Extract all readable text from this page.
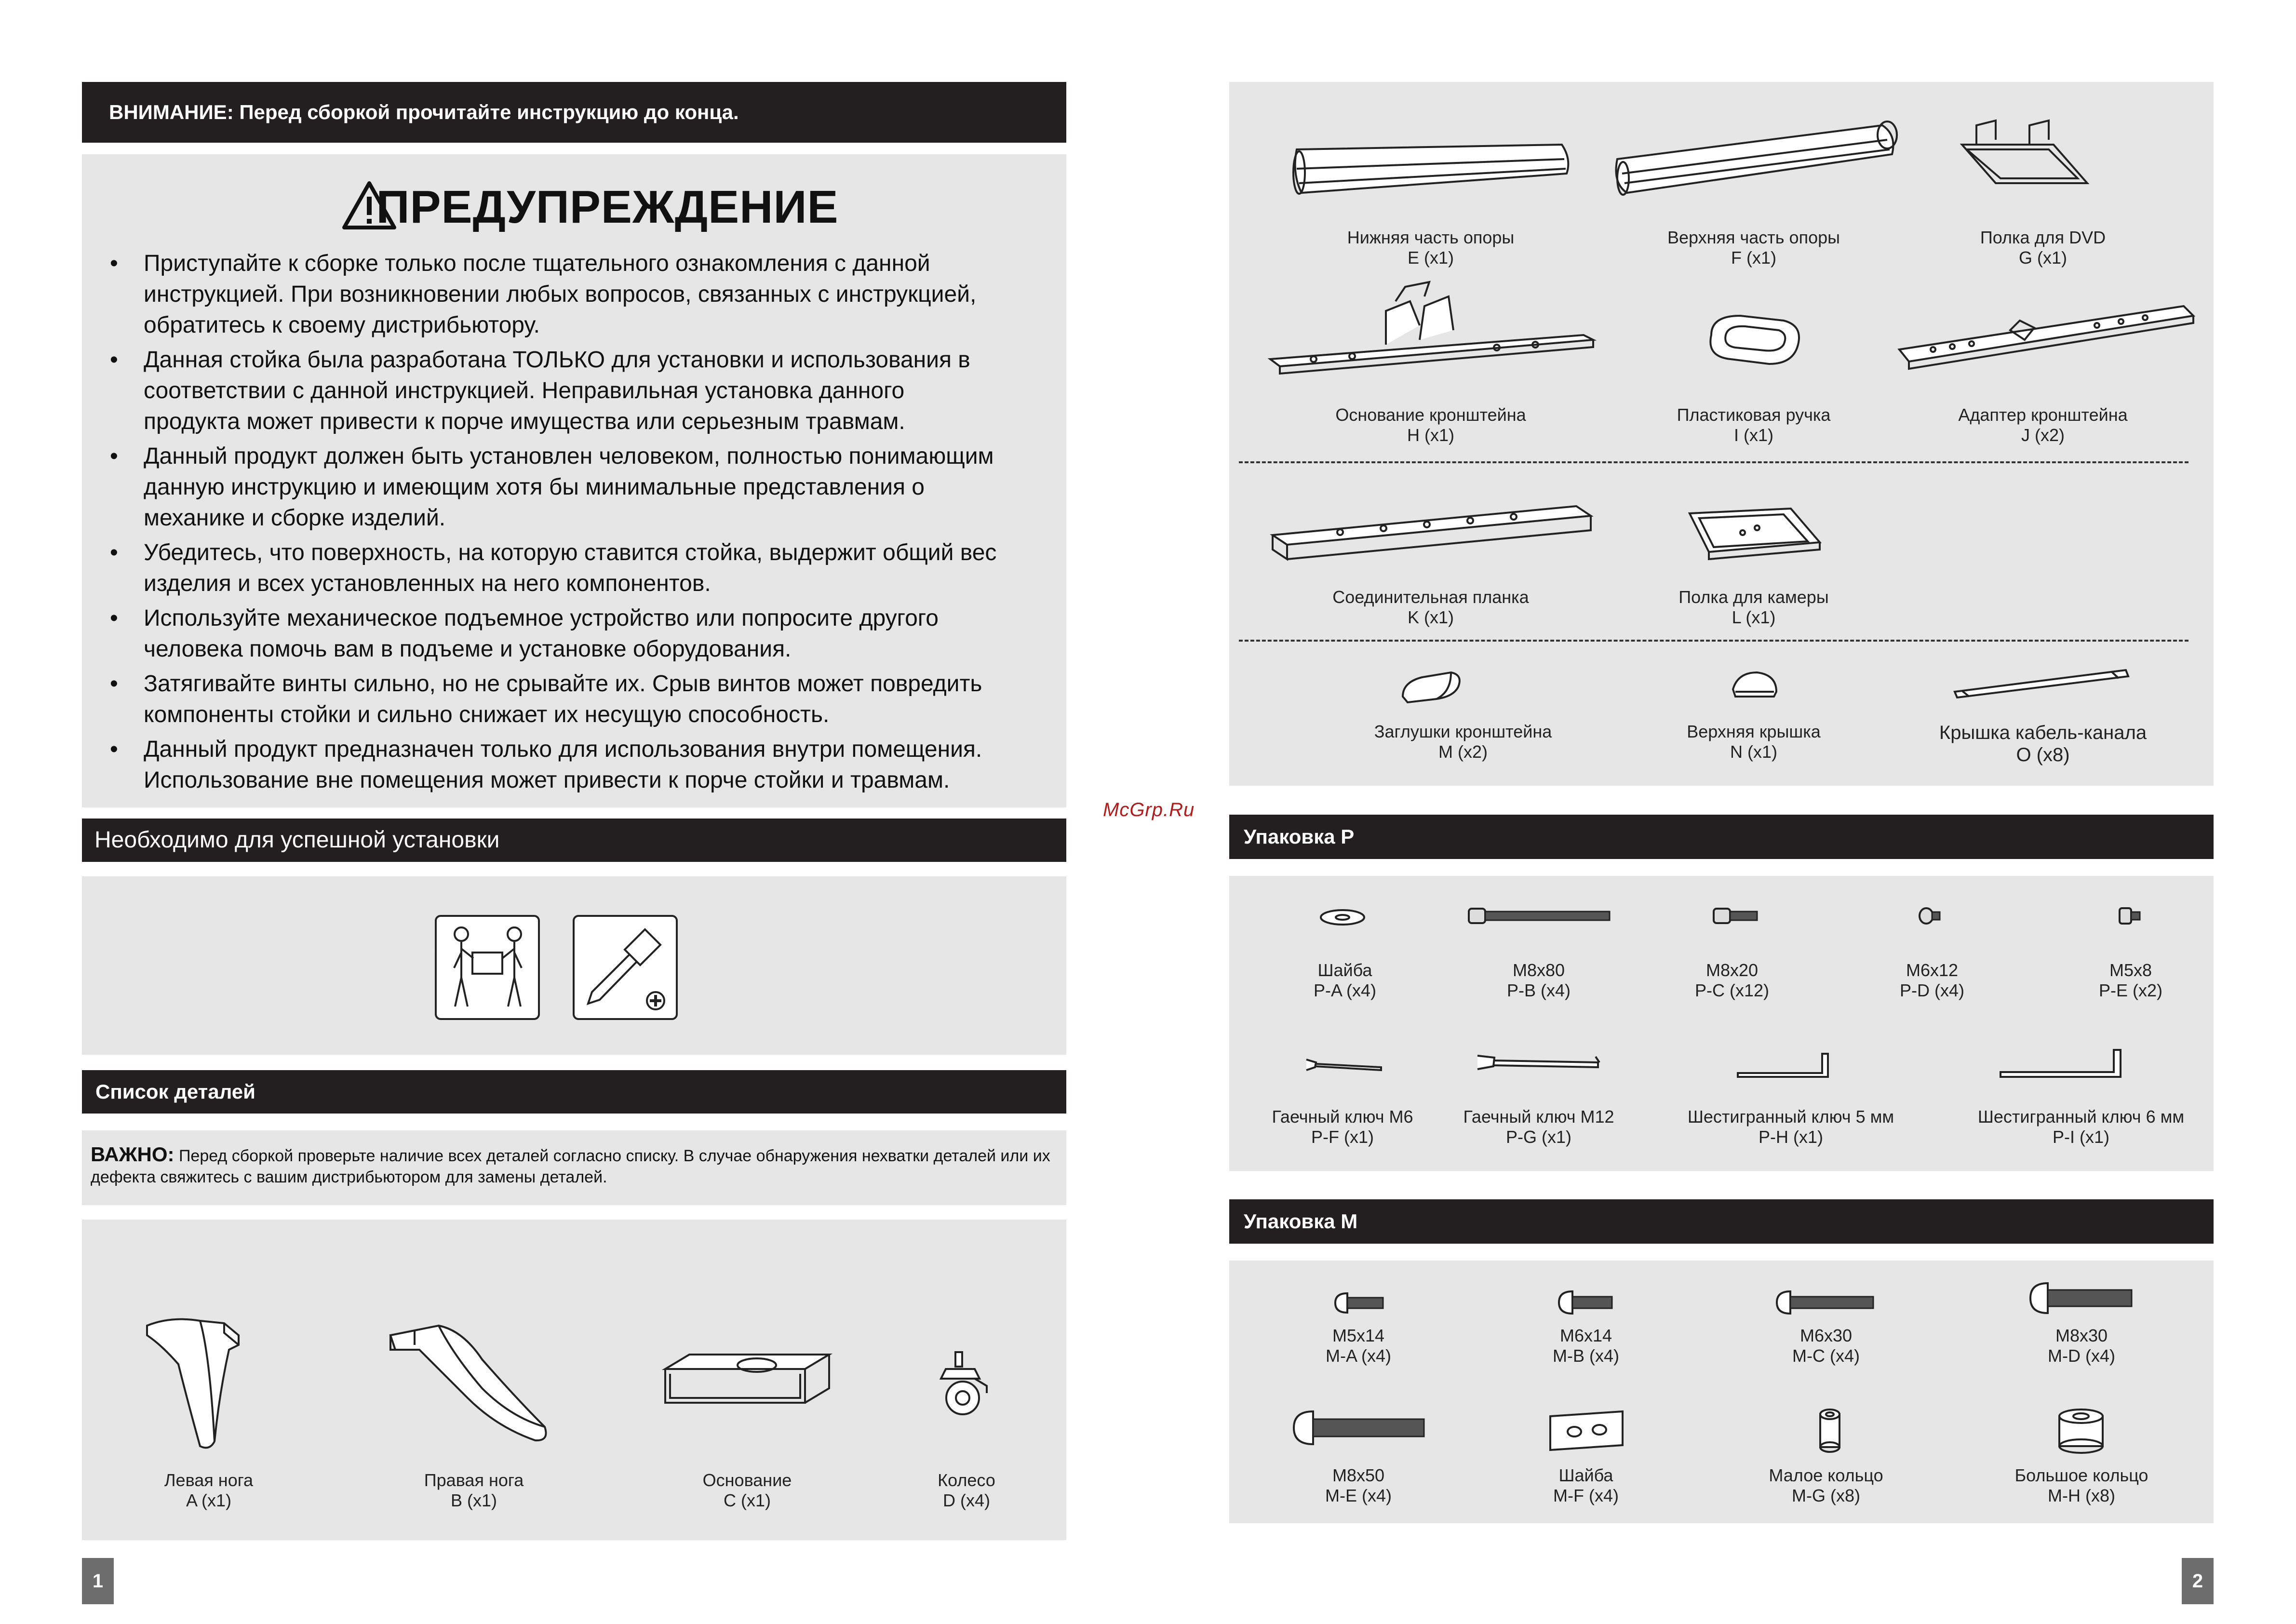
ВНИМАНИЕ: Перед сборкой прочитайте инструкцию до конца.
ПРЕДУПРЕЖДЕНИЕ
• Приступайте к сборке только после тщательного ознакомления с данной инструкцией. При возникновении любых вопросов, связанных с инструкцией, обратитесь к своему дистрибьютору.
• Данная стойка была разработана ТОЛЬКО для установки и использования в соответствии с данной инструкцией. Неправильная установка данного продукта может привести к порче имущества или серьезным травмам.
• Данный продукт должен быть установлен человеком, полностью понимающим данную инструкцию и имеющим хотя бы минимальные представления о механике и сборке изделий.
• Убедитесь, что поверхность, на которую ставится стойка, выдержит общий вес изделия и всех установленных на него компонентов.
• Используйте механическое подъемное устройство или попросите другого человека помочь вам в подъеме и установке оборудования.
• Затягивайте винты сильно, но не срывайте их. Срыв винтов может повредить компоненты стойки и сильно снижает их несущую способность.
• Данный продукт предназначен только для использования внутри помещения. Использование вне помещения может привести к порче стойки и травмам.
Необходимо для успешной установки
Список деталей
ВАЖНО: Перед сборкой проверьте наличие всех деталей согласно списку. В случае обнаружения нехватки деталей или их дефекта свяжитесь с вашим дистрибьютором для замены деталей.
Левая нога
A (x1)
Правая нога
B (x1)
Основание
C (x1)
Колесо
D (x4)
1
McGrp.Ru
Нижняя часть опоры
E (x1)
Верхняя часть опоры
F (x1)
Полка для DVD
G (x1)
Основание кронштейна
H (x1)
Пластиковая ручка
I (x1)
Адаптер кронштейна
J (x2)
Соединительная планка
K (x1)
Полка для камеры
L (x1)
Заглушки кронштейна
M (x2)
Верхняя крышка
N (x1)
Крышка кабель-канала
O (x8)
Упаковка P
Шайба
P-A (x4)
M8x80
P-B (x4)
M8x20
P-C (x12)
M6x12
P-D (x4)
M5x8
P-E (x2)
Гаечный ключ M6
P-F (x1)
Гаечный ключ M12
P-G (x1)
Шестигранный ключ 5 мм
P-H (x1)
Шестигранный ключ 6 мм
P-I (x1)
Упаковка M
M5x14
M-A (x4)
M6x14
M-B (x4)
M6x30
M-C (x4)
M8x30
M-D (x4)
M8x50
M-E (x4)
Шайба
M-F (x4)
Малое кольцо
M-G (x8)
Большое кольцо
M-H (x8)
2
